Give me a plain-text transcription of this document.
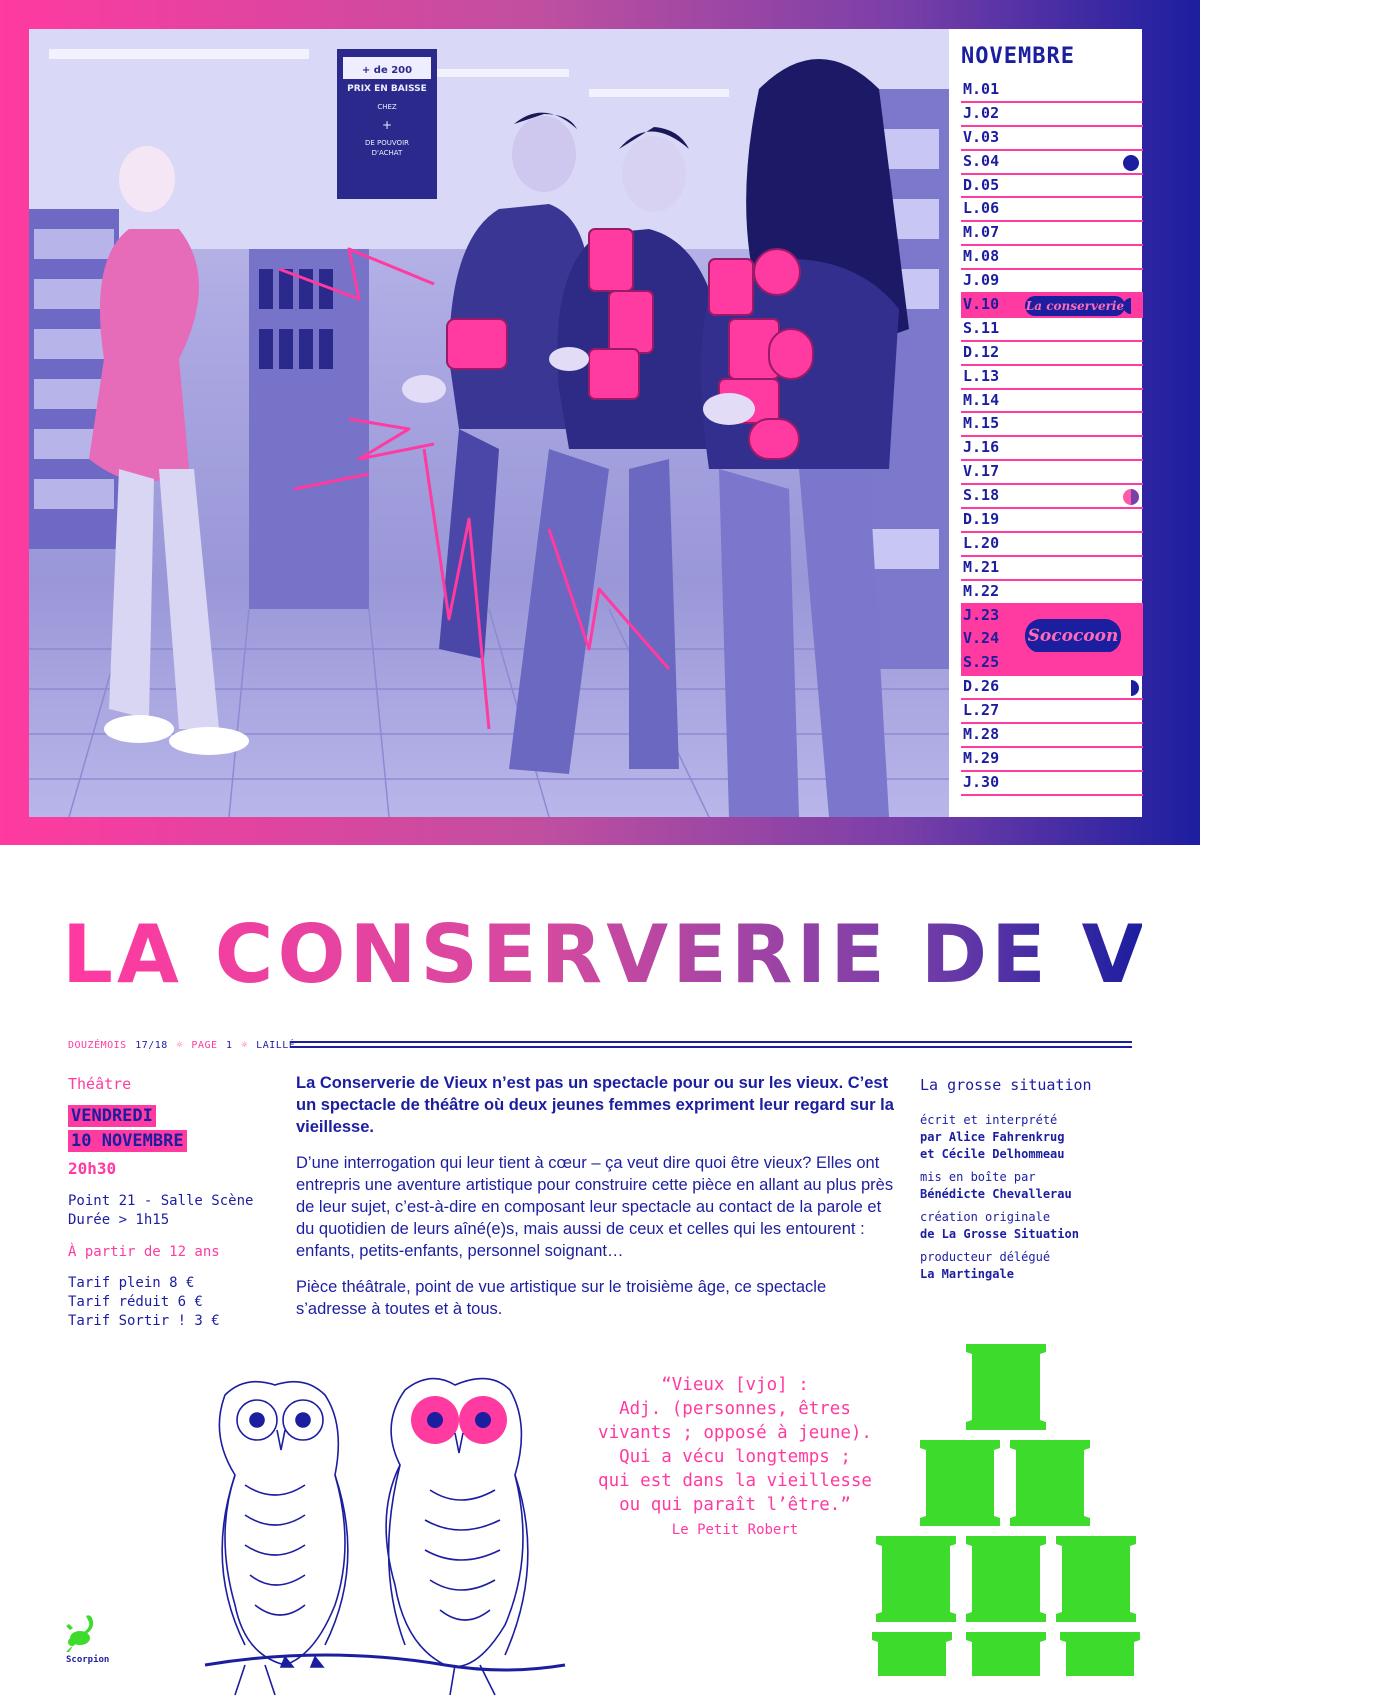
+ de 200
PRIX EN BAISSE
CHEZ
+
DE POUVOIR
D'ACHAT
NOVEMBRE
M.01
J.02
V.03
S.04
D.05
L.06
M.07
M.08
J.09
V.10 La conserverie
S.11
D.12
L.13
M.14
M.15
J.16
V.17
S.18
D.19
L.20
M.21
M.22
J.23
V.24 Sococoon
S.25
D.26
L.27
M.28
M.29
J.30
LA CONSERVERIE DE VIEUX
DOUZÉMOIS 17/18 ☼ PAGE 1 ☼ LAILLÉ
Théâtre
VENDREDI
10 NOVEMBRE
20h30
Point 21 - Salle Scène
Durée > 1h15
À partir de 12 ans
Tarif plein 8 €
Tarif réduit 6 €
Tarif Sortir ! 3 €

La Conserverie de Vieux n’est pas un spectacle pour ou sur les vieux. C’est un spectacle de théâtre où deux jeunes femmes expriment leur regard sur la vieillesse.

D’une interrogation qui leur tient à cœur – ça veut dire quoi être vieux? Elles ont entrepris une aventure artistique pour construire cette pièce en allant au plus près de leur sujet, c’est-à-dire en composant leur spectacle au contact de la parole et du quotidien de leurs aîné(e)s, mais aussi de ceux et celles qui les entourent : enfants, petits-enfants, personnel soignant…

Pièce théâtrale, point de vue artistique sur le troisième âge, ce spectacle s’adresse à toutes et à tous.

La grosse situation
écrit et interprété
par Alice Fahrenkrug
et Cécile Delhommeau
mis en boîte par
Bénédicte Chevallerau
création originale
de La Grosse Situation
producteur délégué
La Martingale
“Vieux [vjo] :
Adj. (personnes, êtres
vivants ; opposé à jeune).
Qui a vécu longtemps ;
qui est dans la vieillesse
ou qui paraît l’être.”
Le Petit Robert
Scorpion
